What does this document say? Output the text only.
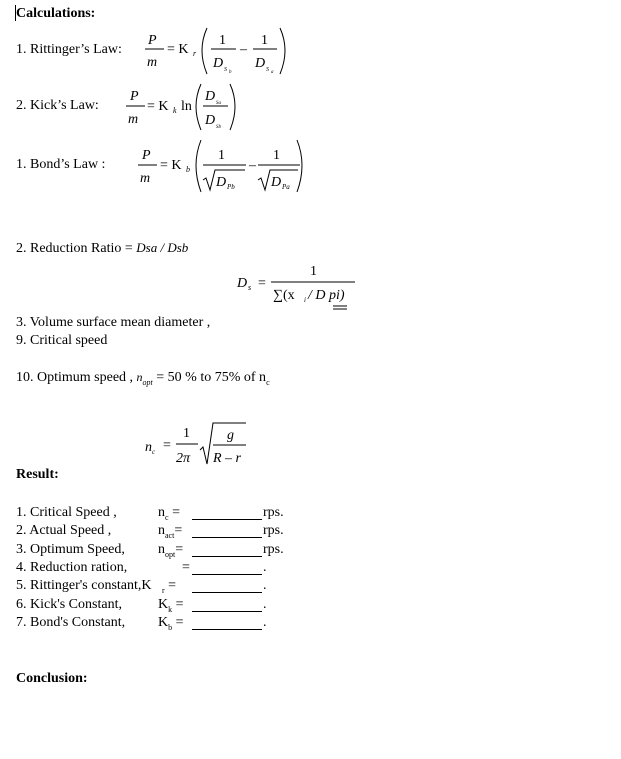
Calculations:
1. Rittinger’s Law:
P
m
= K r
1
D S b
–
1
D S a
P
m
= K k ln
D Sa
D Sb
P
m
= K b
1
D Pb
–
1
D Pa
D s =
1
∑(x i / D pi)
n c =
1
2π
g
R – r
2. Kick’s Law:
1. Bond’s Law :
2. Reduction Ratio = Dsa / Dsb
3. Volume surface mean diameter ,
9. Critical speed
10. Optimum speed , $n_{opt} = 50$ % to 75% of $n_c$
Result:
1. Critical Speed ,	$n_c$ =	rps.
2. Actual Speed ,	$n_{act}=$	rps.
3. Optimum Speed, $n_{opt}=$	rps.
4. Reduction ration,	=	.
5. Rittinger's constant,K $_r$ =	.
6. Kick's Constant,	$K_k$ =	.
7. Bond's Constant, $K_b$ =	.
Conclusion:
